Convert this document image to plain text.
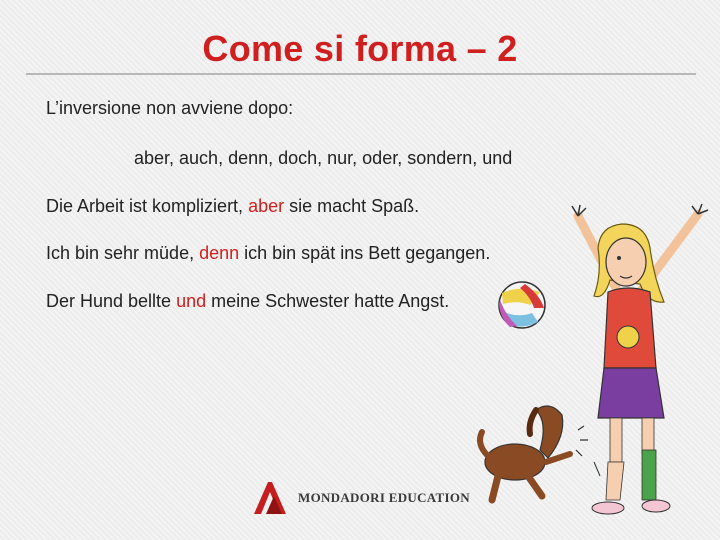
Come si forma – 2
L’inversione non avviene dopo:
aber, auch, denn, doch, nur, oder, sondern, und
Die Arbeit ist kompliziert, aber sie macht Spaß.
Ich bin sehr müde, denn ich bin spät ins Bett gegangen.
Der Hund bellte und meine Schwester hatte Angst.
MONDADORI EDUCATION
